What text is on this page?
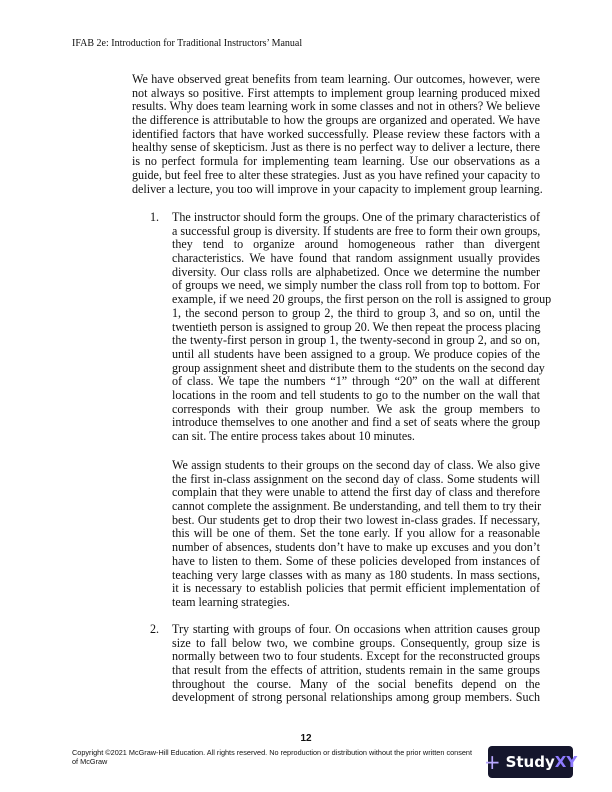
IFAB 2e: Introduction for Traditional Instructors’ Manual
We have observed great benefits from team learning. Our outcomes, however, were
not always so positive. First attempts to implement group learning produced mixed
results. Why does team learning work in some classes and not in others? We believe
the difference is attributable to how the groups are organized and operated. We have
identified factors that have worked successfully. Please review these factors with a
healthy sense of skepticism. Just as there is no perfect way to deliver a lecture, there
is no perfect formula for implementing team learning. Use our observations as a
guide, but feel free to alter these strategies. Just as you have refined your capacity to
deliver a lecture, you too will improve in your capacity to implement group learning.
1. The instructor should form the groups. One of the primary characteristics of
a successful group is diversity. If students are free to form their own groups,
they tend to organize around homogeneous rather than divergent
characteristics. We have found that random assignment usually provides
diversity. Our class rolls are alphabetized. Once we determine the number
of groups we need, we simply number the class roll from top to bottom. For
example, if we need 20 groups, the first person on the roll is assigned to group
1, the second person to group 2, the third to group 3, and so on, until the
twentieth person is assigned to group 20. We then repeat the process placing
the twenty-first person in group 1, the twenty-second in group 2, and so on,
until all students have been assigned to a group. We produce copies of the
group assignment sheet and distribute them to the students on the second day
of class. We tape the numbers “1” through “20” on the wall at different
locations in the room and tell students to go to the number on the wall that
corresponds with their group number. We ask the group members to
introduce themselves to one another and find a set of seats where the group
can sit. The entire process takes about 10 minutes.
We assign students to their groups on the second day of class. We also give
the first in-class assignment on the second day of class. Some students will
complain that they were unable to attend the first day of class and therefore
cannot complete the assignment. Be understanding, and tell them to try their
best. Our students get to drop their two lowest in-class grades. If necessary,
this will be one of them. Set the tone early. If you allow for a reasonable
number of absences, students don’t have to make up excuses and you don’t
have to listen to them. Some of these policies developed from instances of
teaching very large classes with as many as 180 students. In mass sections,
it is necessary to establish policies that permit efficient implementation of
team learning strategies.
2. Try starting with groups of four. On occasions when attrition causes group
size to fall below two, we combine groups. Consequently, group size is
normally between two to four students. Except for the reconstructed groups
that result from the effects of attrition, students remain in the same groups
throughout the course. Many of the social benefits depend on the
development of strong personal relationships among group members. Such
12
Copyright ©2021 McGraw-Hill Education. All rights reserved. No reproduction or distribution without the prior written consent of McGraw	+ StudyXY
